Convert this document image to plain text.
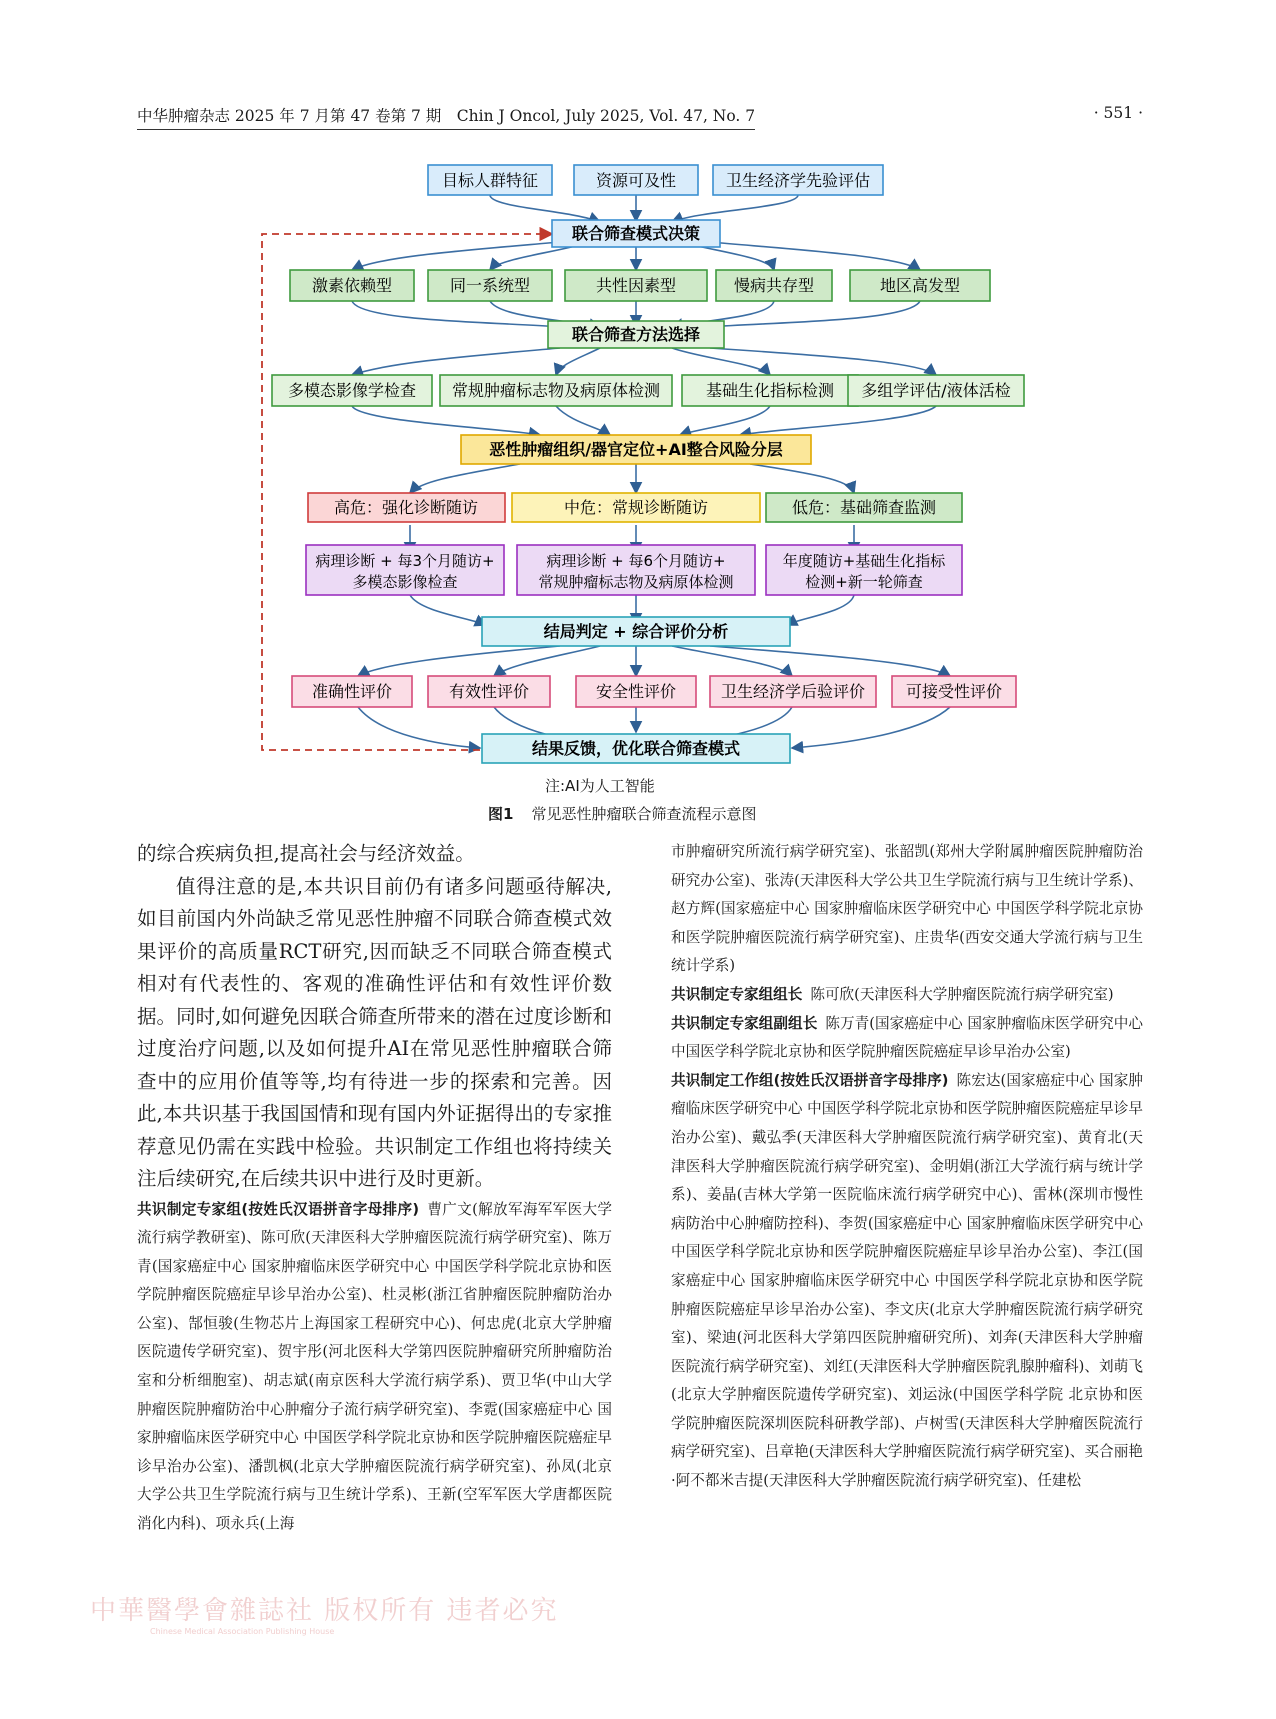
中华肿瘤杂志 2025 年 7 月第 47 卷第 7 期　Chin J Oncol, July 2025, Vol. 47, No. 7	· 551 ·
目标人群特征	资源可及性	卫生经济学先验评估
联合筛查模式决策
激素依赖型	同一系统型	共性因素型	慢病共存型	地区高发型
联合筛查方法选择
多模态影像学检查 常规肿瘤标志物及病原体检测	基础生化指标检测 多组学评估/液体活检
恶性肿瘤组织/器官定位+AI整合风险分层
高危：强化诊断随访	中危：常规诊断随访	低危：基础筛查监测
病理诊断 + 每3个月随访+
多模态影像检查
病理诊断 + 每6个月随访+
常规肿瘤标志物及病原体检测
年度随访+基础生化指标
检测+新一轮筛查
结局判定 + 综合评价分析
准确性评价	有效性评价	安全性评价	卫生经济学后验评价	可接受性评价
结果反馈，优化联合筛查模式
注:AI为人工智能
图1 常见恶性肿瘤联合筛查流程示意图

的综合疾病负担,提高社会与经济效益。

值得注意的是,本共识目前仍有诸多问题亟待解决,如目前国内外尚缺乏常见恶性肿瘤不同联合筛查模式效果评价的高质量RCT研究,因而缺乏不同联合筛查模式相对有代表性的、客观的准确性评估和有效性评价数据。同时,如何避免因联合筛查所带来的潜在过度诊断和过度治疗问题,以及如何提升AI在常见恶性肿瘤联合筛查中的应用价值等等,均有待进一步的探索和完善。因此,本共识基于我国国情和现有国内外证据得出的专家推荐意见仍需在实践中检验。共识制定工作组也将持续关注后续研究,在后续共识中进行及时更新。

共识制定专家组(按姓氏汉语拼音字母排序) 曹广文(解放军海军军医大学流行病学教研室)、陈可欣(天津医科大学肿瘤医院流行病学研究室)、陈万青(国家癌症中心 国家肿瘤临床医学研究中心 中国医学科学院北京协和医学院肿瘤医院癌症早诊早治办公室)、杜灵彬(浙江省肿瘤医院肿瘤防治办公室)、郜恒骏(生物芯片上海国家工程研究中心)、何忠虎(北京大学肿瘤医院遗传学研究室)、贺宇彤(河北医科大学第四医院肿瘤研究所肿瘤防治室和分析细胞室)、胡志斌(南京医科大学流行病学系)、贾卫华(中山大学肿瘤医院肿瘤防治中心肿瘤分子流行病学研究室)、李霓(国家癌症中心 国家肿瘤临床医学研究中心 中国医学科学院北京协和医学院肿瘤医院癌症早诊早治办公室)、潘凯枫(北京大学肿瘤医院流行病学研究室)、孙凤(北京大学公共卫生学院流行病与卫生统计学系)、王新(空军军医大学唐都医院消化内科)、项永兵(上海

市肿瘤研究所流行病学研究室)、张韶凯(郑州大学附属肿瘤医院肿瘤防治研究办公室)、张涛(天津医科大学公共卫生学院流行病与卫生统计学系)、赵方辉(国家癌症中心 国家肿瘤临床医学研究中心 中国医学科学院北京协和医学院肿瘤医院流行病学研究室)、庄贵华(西安交通大学流行病与卫生统计学系)

共识制定专家组组长 陈可欣(天津医科大学肿瘤医院流行病学研究室)

共识制定专家组副组长 陈万青(国家癌症中心 国家肿瘤临床医学研究中心 中国医学科学院北京协和医学院肿瘤医院癌症早诊早治办公室)

共识制定工作组(按姓氏汉语拼音字母排序) 陈宏达(国家癌症中心 国家肿瘤临床医学研究中心 中国医学科学院北京协和医学院肿瘤医院癌症早诊早治办公室)、戴弘季(天津医科大学肿瘤医院流行病学研究室)、黄育北(天津医科大学肿瘤医院流行病学研究室)、金明娟(浙江大学流行病与统计学系)、姜晶(吉林大学第一医院临床流行病学研究中心)、雷林(深圳市慢性病防治中心肿瘤防控科)、李贺(国家癌症中心 国家肿瘤临床医学研究中心 中国医学科学院北京协和医学院肿瘤医院癌症早诊早治办公室)、李江(国家癌症中心 国家肿瘤临床医学研究中心 中国医学科学院北京协和医学院肿瘤医院癌症早诊早治办公室)、李文庆(北京大学肿瘤医院流行病学研究室)、梁迪(河北医科大学第四医院肿瘤研究所)、刘奔(天津医科大学肿瘤医院流行病学研究室)、刘红(天津医科大学肿瘤医院乳腺肿瘤科)、刘萌飞(北京大学肿瘤医院遗传学研究室)、刘运泳(中国医学科学院 北京协和医学院肿瘤医院深圳医院科研教学部)、卢树雪(天津医科大学肿瘤医院流行病学研究室)、吕章艳(天津医科大学肿瘤医院流行病学研究室)、买合丽艳·阿不都米吉提(天津医科大学肿瘤医院流行病学研究室)、任建松

中華醫學會雜誌社 版权所有 违者必究
Chinese Medical Association Publishing House
